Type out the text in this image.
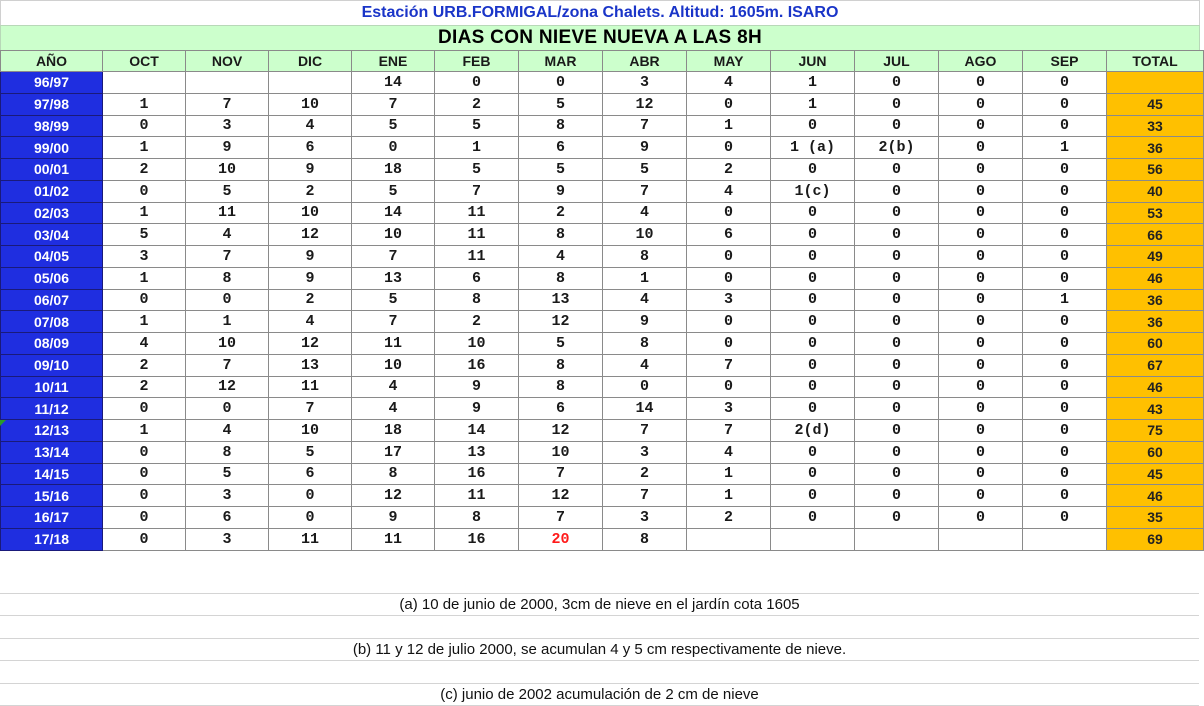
Estación URB.FORMIGAL/zona Chalets. Altitud: 1605m. ISARO
DIAS CON NIEVE NUEVA A LAS 8H
AÑO	OCT	NOV	DIC	ENE	FEB	MAR	ABR	MAY	JUN	JUL	AGO	SEP	TOTAL
96/97				14	0	0	3	4	1	0	0	0	
97/98	1	7	10	7	2	5	12	0	1	0	0	0	45
98/99	0	3	4	5	5	8	7	1	0	0	0	0	33
99/00	1	9	6	0	1	6	9	0	1 (a)	2(b)	0	1	36
00/01	2	10	9	18	5	5	5	2	0	0	0	0	56
01/02	0	5	2	5	7	9	7	4	1(c)	0	0	0	40
02/03	1	11	10	14	11	2	4	0	0	0	0	0	53
03/04	5	4	12	10	11	8	10	6	0	0	0	0	66
04/05	3	7	9	7	11	4	8	0	0	0	0	0	49
05/06	1	8	9	13	6	8	1	0	0	0	0	0	46
06/07	0	0	2	5	8	13	4	3	0	0	0	1	36
07/08	1	1	4	7	2	12	9	0	0	0	0	0	36
08/09	4	10	12	11	10	5	8	0	0	0	0	0	60
09/10	2	7	13	10	16	8	4	7	0	0	0	0	67
10/11	2	12	11	4	9	8	0	0	0	0	0	0	46
11/12	0	0	7	4	9	6	14	3	0	0	0	0	43
12/13	1	4	10	18	14	12	7	7	2(d)	0	0	0	75
13/14	0	8	5	17	13	10	3	4	0	0	0	0	60
14/15	0	5	6	8	16	7	2	1	0	0	0	0	45
15/16	0	3	0	12	11	12	7	1	0	0	0	0	46
16/17	0	6	0	9	8	7	3	2	0	0	0	0	35
17/18	0	3	11	11	16	20	8						69
(a) 10 de junio de 2000, 3cm de nieve en el jardín cota 1605
(b) 11 y 12 de julio 2000, se acumulan 4 y 5 cm respectivamente de nieve.
(c) junio de 2002 acumulación de 2 cm de nieve
